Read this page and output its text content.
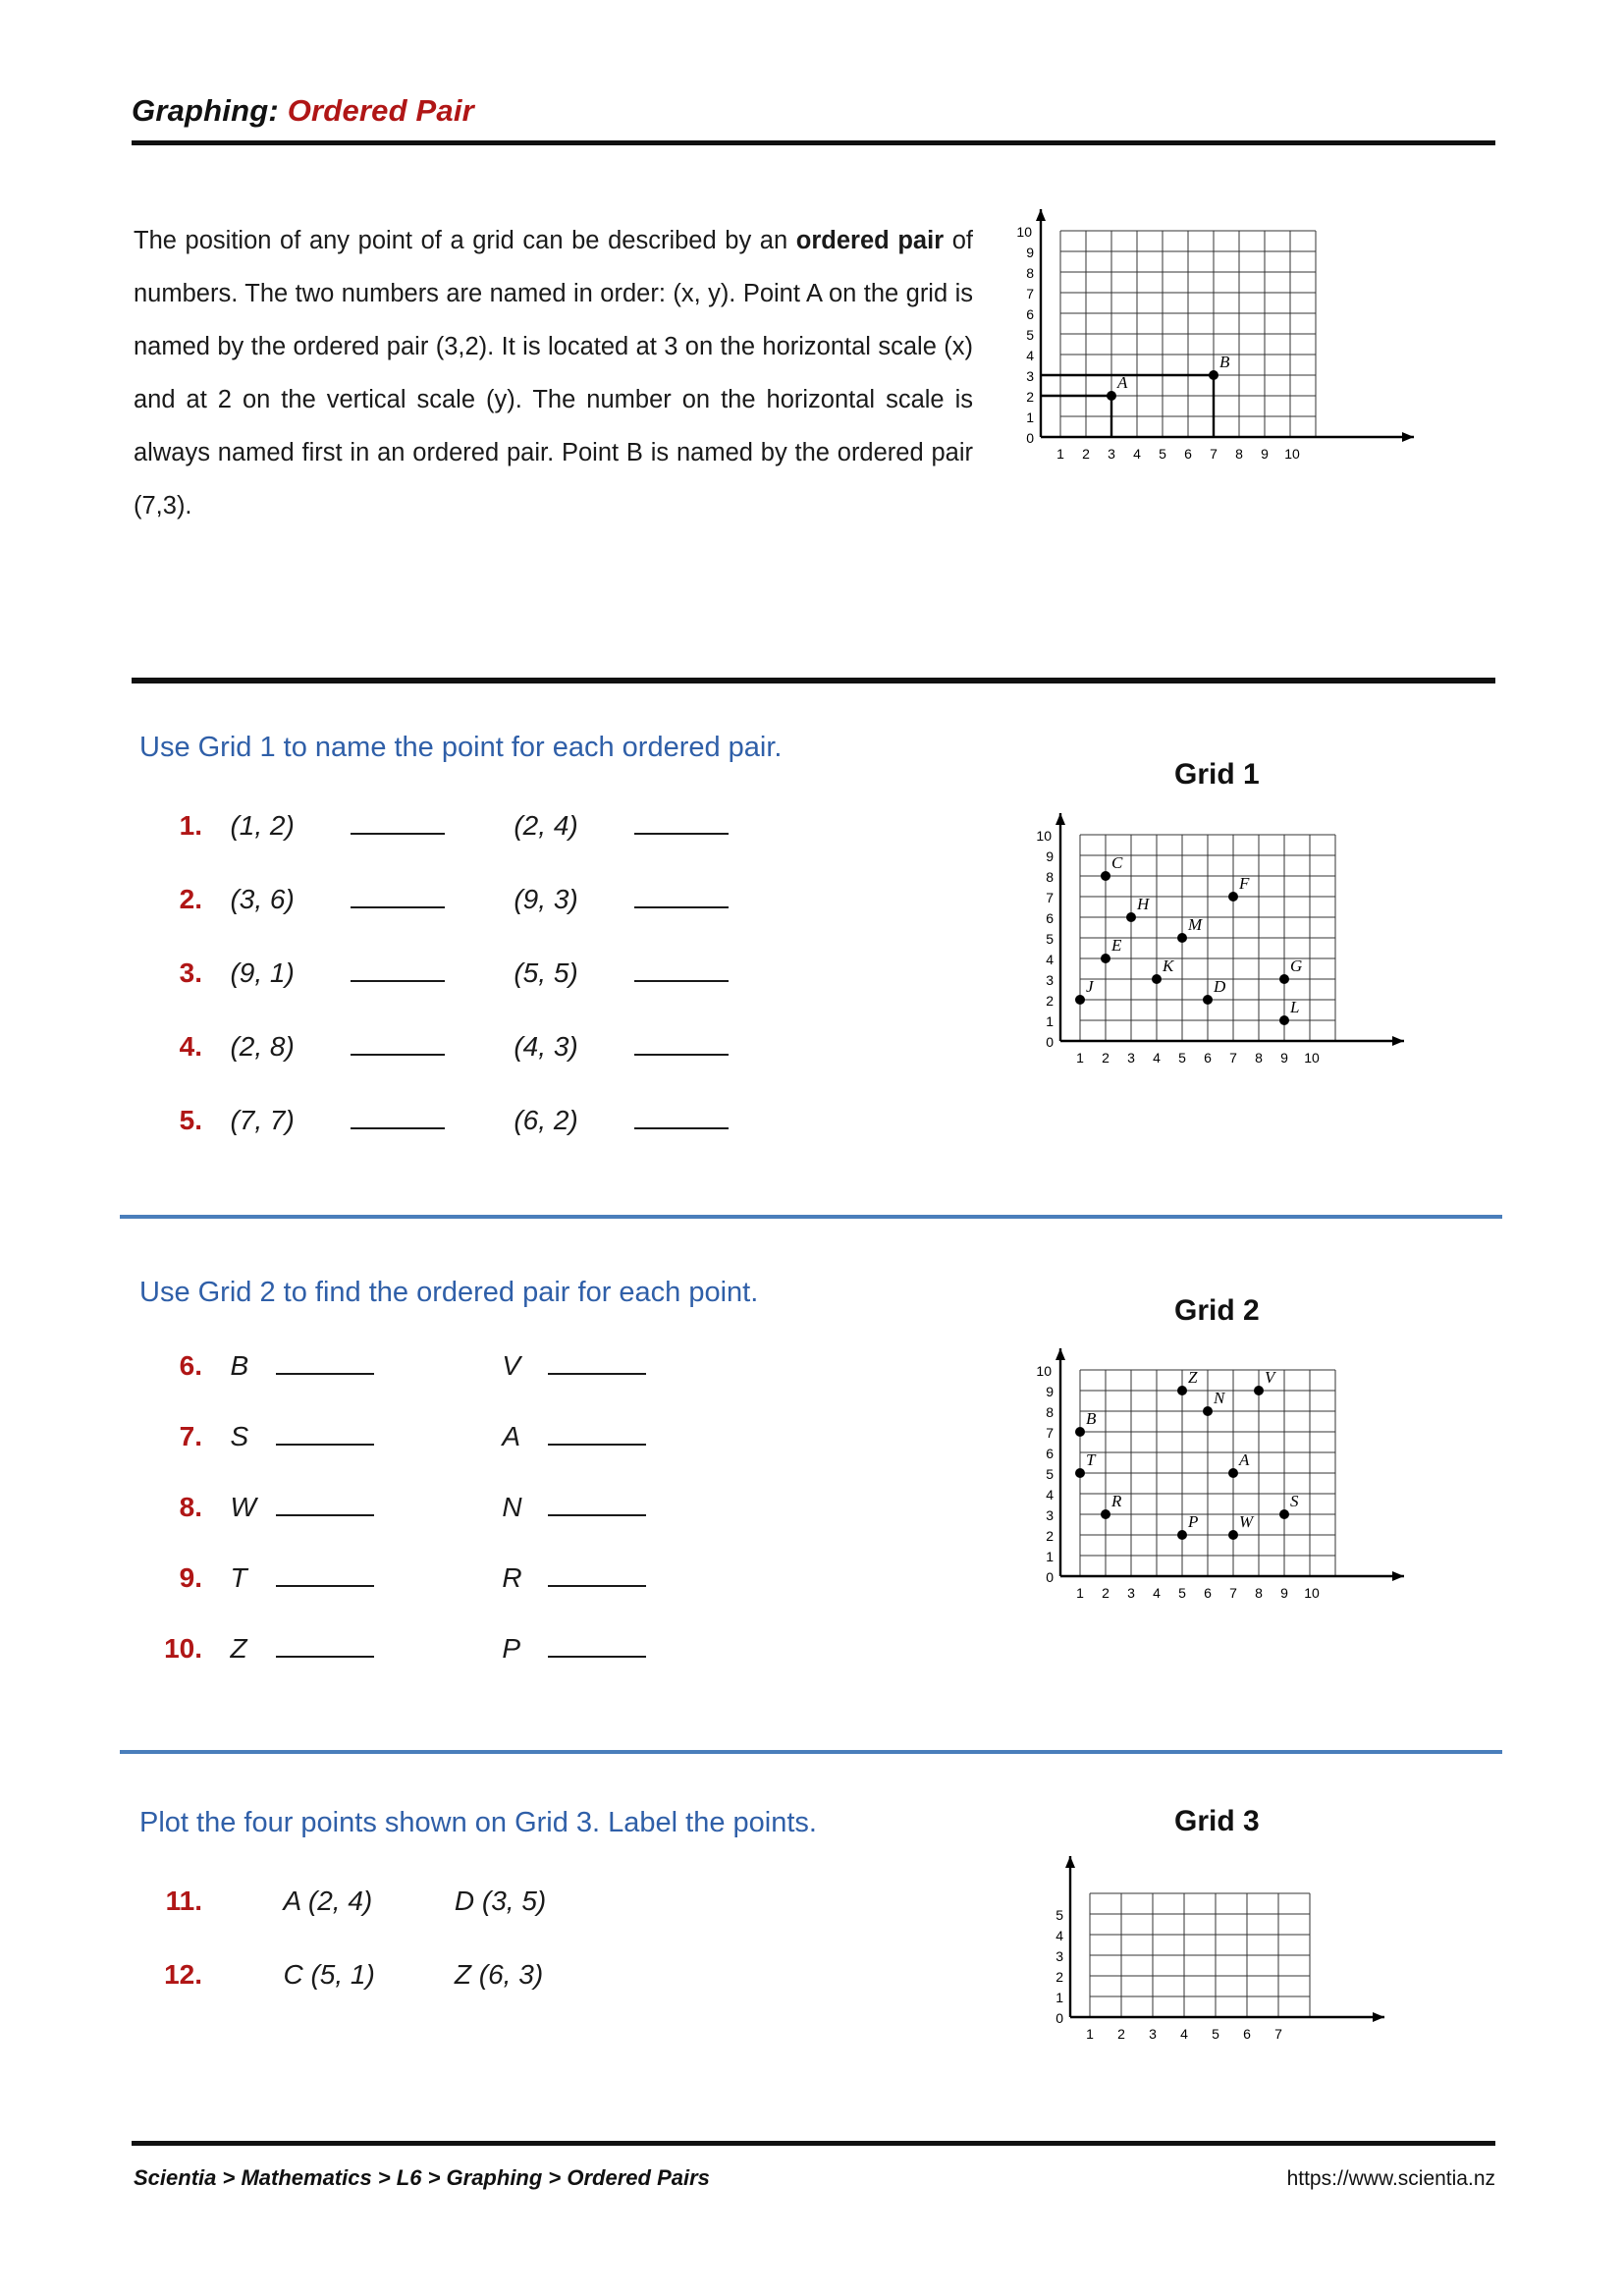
Graphing: Ordered Pair
The position of any point of a grid can be described by an ordered pair of numbers. The two numbers are named in order: (x, y). Point A on the grid is named by the ordered pair (3,2). It is located at 3 on the horizontal scale (x) and at 2 on the vertical scale (y). The number on the horizontal scale is always named first in an ordered pair. Point B is named by the ordered pair (7,3).
A
B
0
1
2
3
4
5
6
7
8
9
10
1 2 3 4 5 6 7 8 9 10
Use Grid 1 to name the point for each ordered pair.
1. (1, 2)	(2, 4)
2. (3, 6)	(9, 3)
3. (9, 1)	(5, 5)
4. (2, 8)	(4, 3)
5. (7, 7)	(6, 2)
Grid 1
C
F
H
M
E
K	G
J	D
L
0
1
2
3
4
5
6
7
8
9
10
1 2 3 4 5 6 7 8 9 10
Use Grid 2 to find the ordered pair for each point.
6. B	V
7. S	A
8. W	N
9. T	R
10. Z	P
Grid 2
Z	V
N
B
A
T
S
R
P W
0
1
2
3
4
5
6
7
8
9
10
1 2 3 4 5 6 7 8 9 10
Plot the four points shown on Grid 3. Label the points.
11.	A (2, 4)	D (3, 5)
12.	C (5, 1)	Z (6, 3)
Grid 3
0
1
2
3
4
5
1 2 3 4 5 6 7
Scientia > Mathematics > L6 > Graphing > Ordered Pairs	https://www.scientia.nz
